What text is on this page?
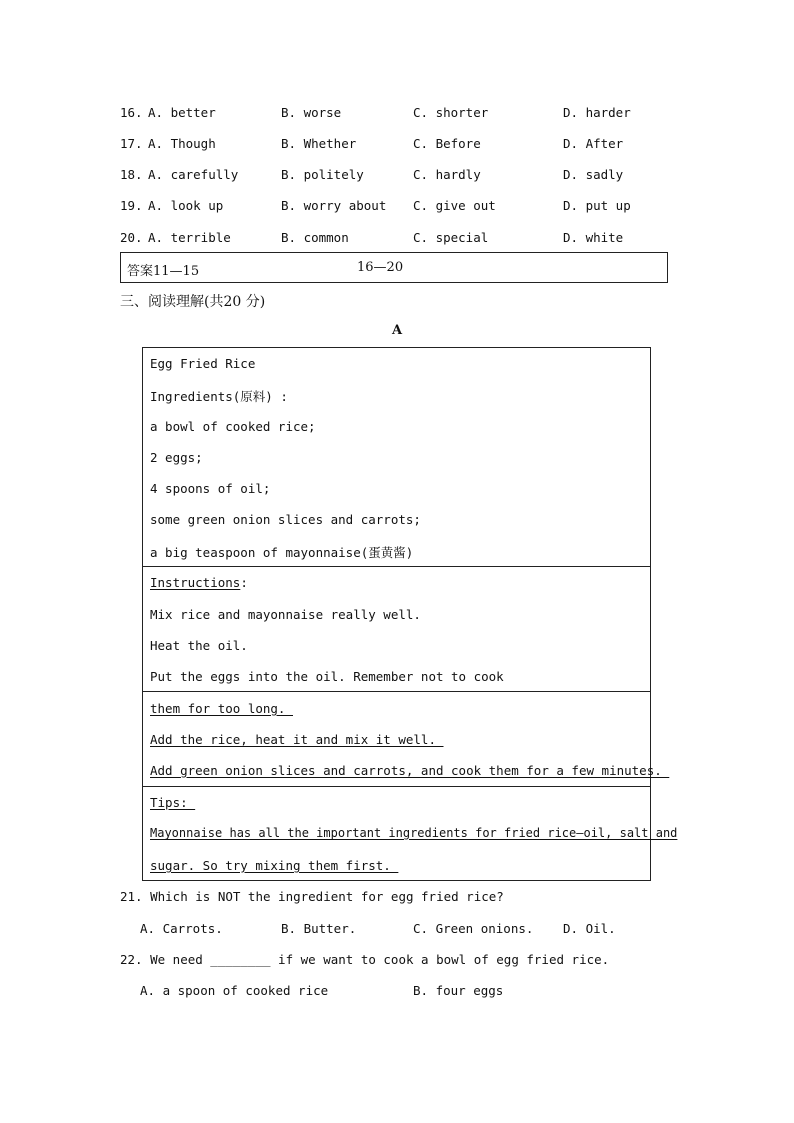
16. A. better	B. worse	C. shorter	D. harder
17. A. Though	B. Whether	C. Before	D. After
18. A. carefully	B. politely	C. hardly	D. sadly
19. A. look up	B. worry about C. give out	D. put up
20. A. terrible	B. common	C. special	D. white
答案11—15	16—20
三、阅读理解(共20 分)
A
Egg Fried Rice
Ingredients(原料) :
a bowl of cooked rice;
2 eggs;
4 spoons of oil;
some green onion slices and carrots;
a big teaspoon of mayonnaise(蛋黄酱)
Instructions:
Mix rice and mayonnaise really well.
Heat the oil.
Put the eggs into the oil. Remember not to cook
them for too long.
Add the rice, heat it and mix it well.
Add green onion slices and carrots, and cook them for a few minutes.
Tips:
Mayonnaise has all the important ingredients for fried rice—oil, salt and
sugar. So try mixing them first.
21. Which is NOT the ingredient for egg fried rice?
A. Carrots.	B. Butter.	C. Green onions. D. Oil.
22. We need ________ if we want to cook a bowl of egg fried rice.
A. a spoon of cooked rice	B. four eggs
